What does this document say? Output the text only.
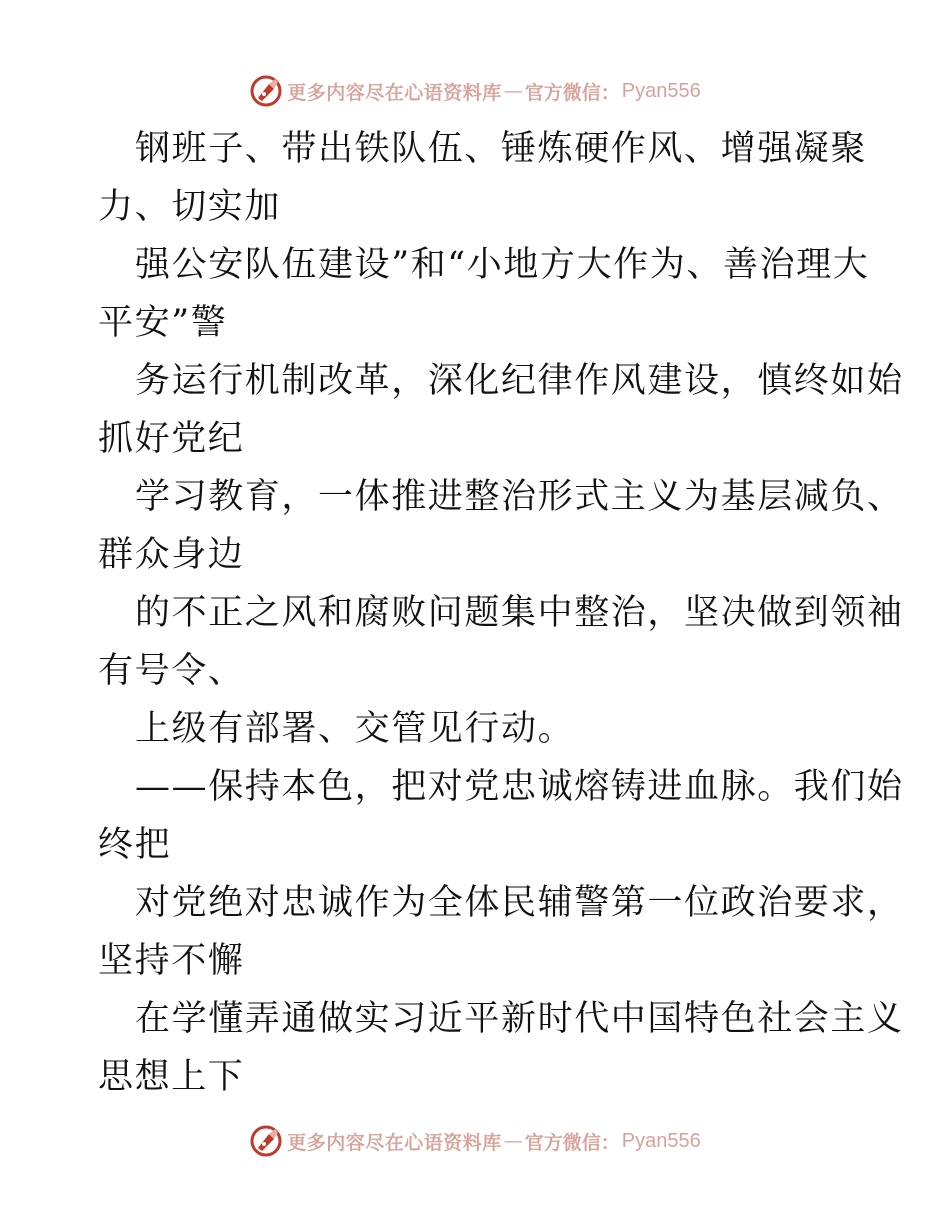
更多内容尽在心语资料库 — 官方微信： Pyan556
钢班子、带出铁队伍、锤炼硬作风、增强凝聚
力、切实加
强公安队伍建设”和“小地方大作为、善治理大
平安”警
务运行机制改革，深化纪律作风建设，慎终如始
抓好党纪
学习教育，一体推进整治形式主义为基层减负、
群众身边
的不正之风和腐败问题集中整治，坚决做到领袖
有号令、
上级有部署、交管见行动。
——保持本色，把对党忠诚熔铸进血脉。我们始
终把
对党绝对忠诚作为全体民辅警第一位政治要求，
坚持不懈
在学懂弄通做实习近平新时代中国特色社会主义
思想上下
更多内容尽在心语资料库 — 官方微信： Pyan556
